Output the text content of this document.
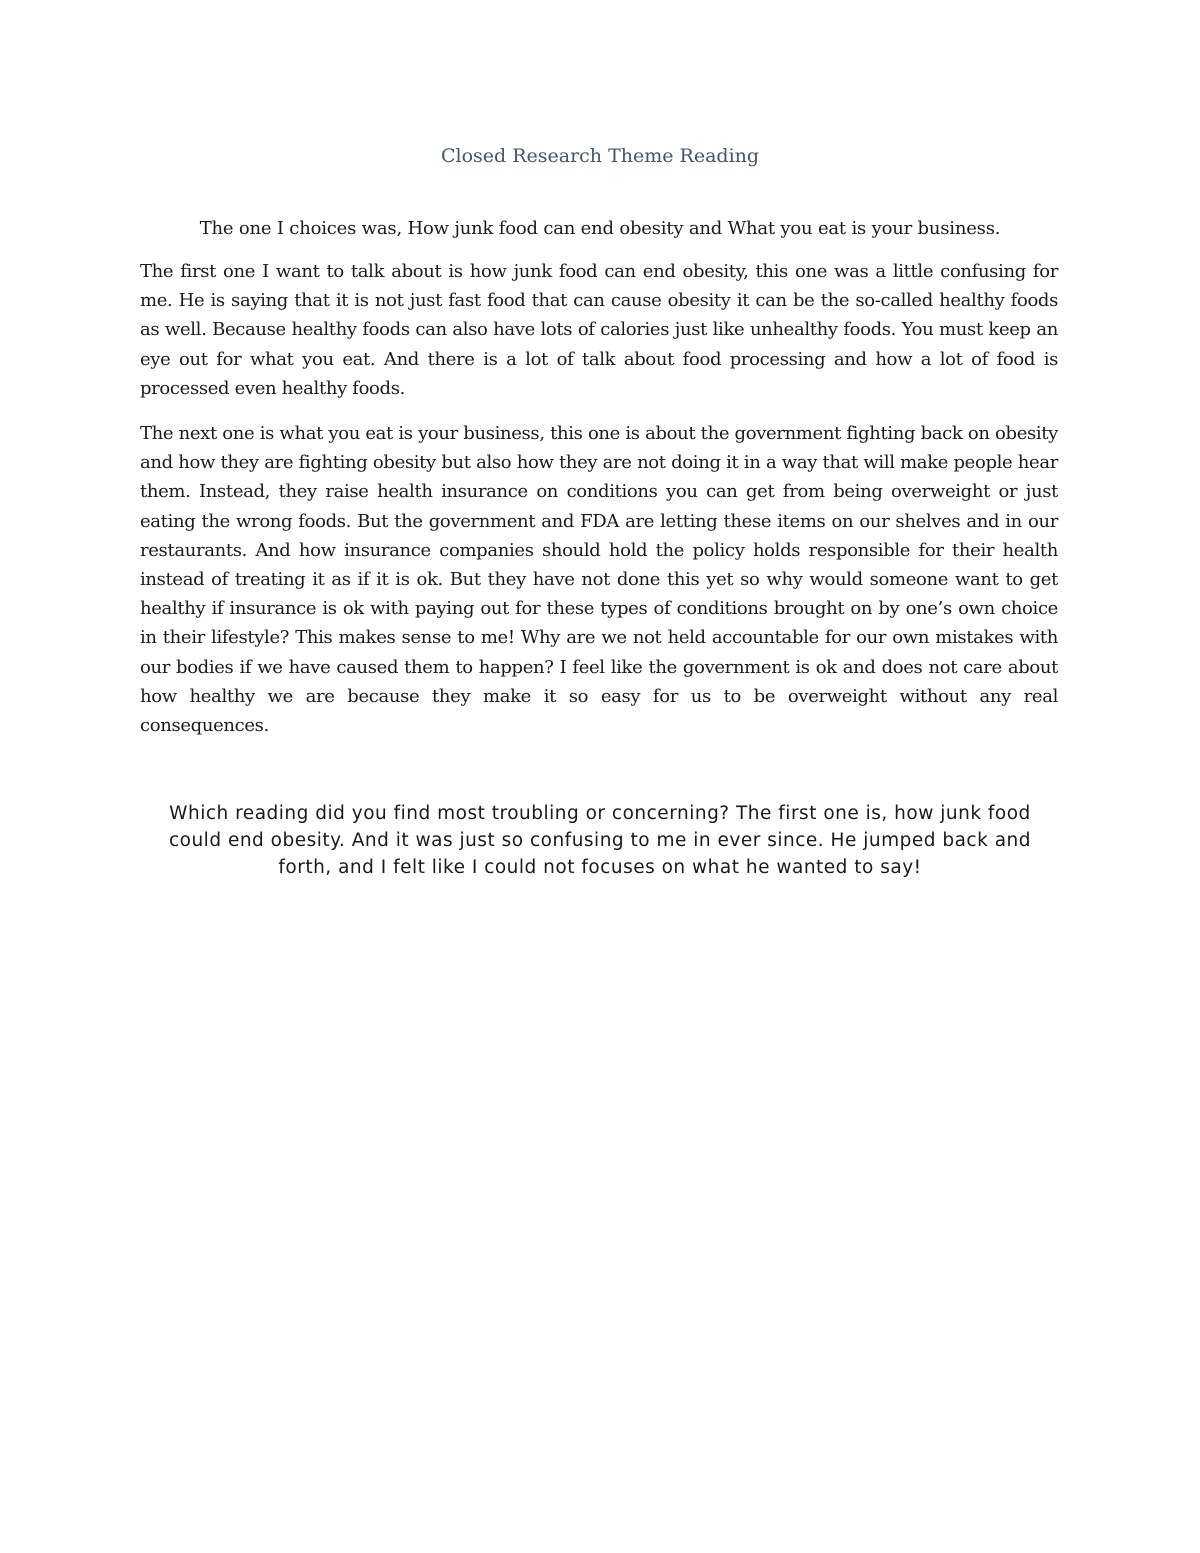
Closed Research Theme Reading

The one I choices was, How junk food can end obesity and What you eat is your business.

The first one I want to talk about is how junk food can end obesity, this one was a little confusing for me. He is saying that it is not just fast food that can cause obesity it can be the so-called healthy foods as well. Because healthy foods can also have lots of calories just like unhealthy foods. You must keep an eye out for what you eat. And there is a lot of talk about food processing and how a lot of food is processed even healthy foods.

The next one is what you eat is your business, this one is about the government fighting back on obesity and how they are fighting obesity but also how they are not doing it in a way that will make people hear them. Instead, they raise health insurance on conditions you can get from being overweight or just eating the wrong foods. But the government and FDA are letting these items on our shelves and in our restaurants. And how insurance companies should hold the policy holds responsible for their health instead of treating it as if it is ok. But they have not done this yet so why would someone want to get healthy if insurance is ok with paying out for these types of conditions brought on by one’s own choice in their lifestyle? This makes sense to me! Why are we not held accountable for our own mistakes with our bodies if we have caused them to happen? I feel like the government is ok and does not care about how healthy we are because they make it so easy for us to be overweight without any real consequences.

Which reading did you find most troubling or concerning? The first one is, how junk food could end obesity. And it was just so confusing to me in ever since. He jumped back and forth, and I felt like I could not focuses on what he wanted to say!
